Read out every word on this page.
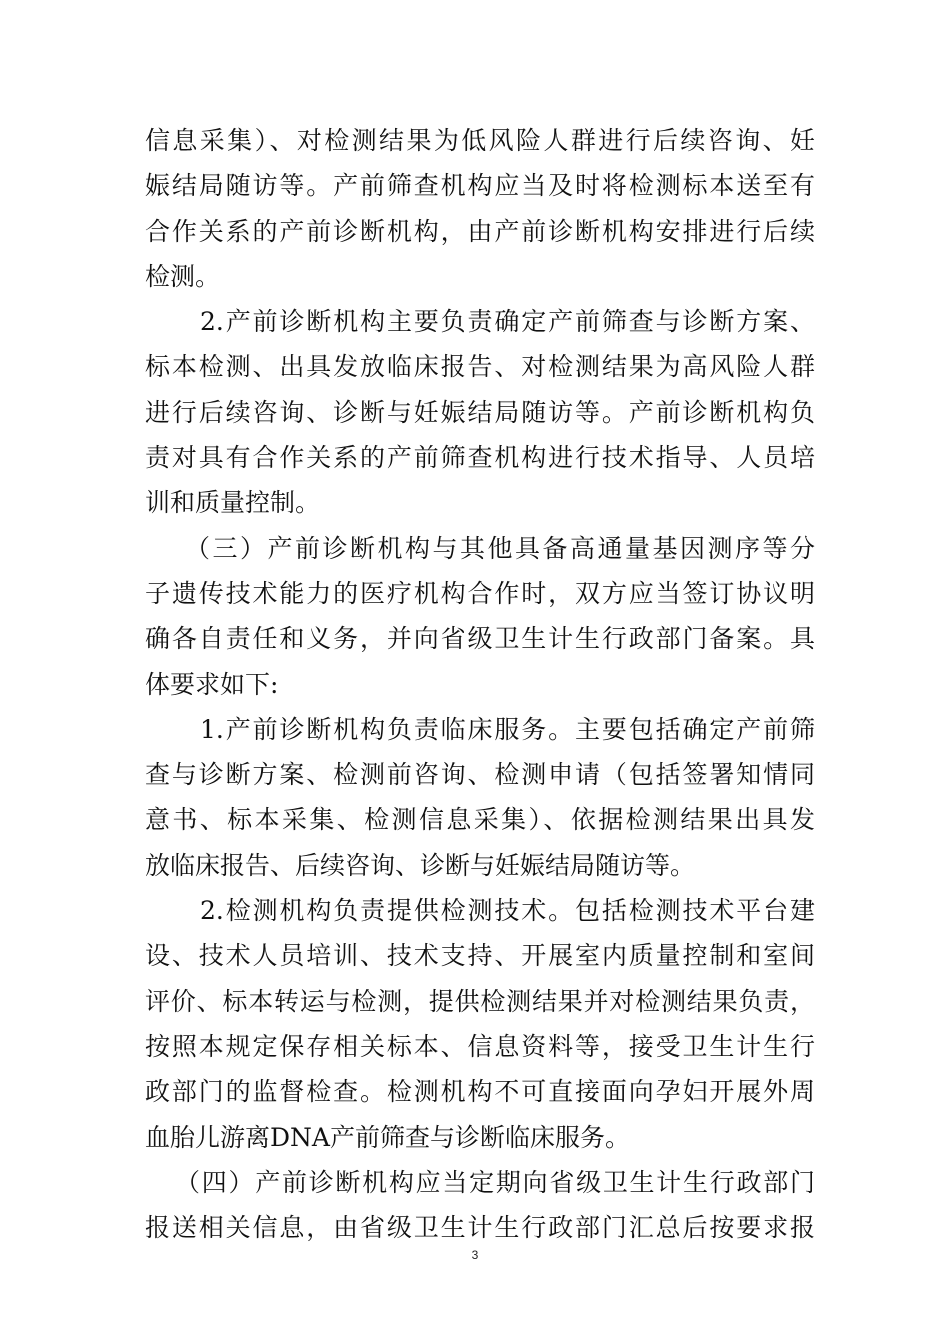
信息采集）、对检测结果为低风险人群进行后续咨询、妊
娠结局随访等。产前筛查机构应当及时将检测标本送至有
合作关系的产前诊断机构，由产前诊断机构安排进行后续
检测。
2.产前诊断机构主要负责确定产前筛查与诊断方案、
标本检测、出具发放临床报告、对检测结果为高风险人群
进行后续咨询、诊断与妊娠结局随访等。产前诊断机构负
责对具有合作关系的产前筛查机构进行技术指导、人员培
训和质量控制。
（三）产前诊断机构与其他具备高通量基因测序等分
子遗传技术能力的医疗机构合作时，双方应当签订协议明
确各自责任和义务，并向省级卫生计生行政部门备案。具
体要求如下:
1.产前诊断机构负责临床服务。主要包括确定产前筛
查与诊断方案、检测前咨询、检测申请（包括签署知情同
意书、标本采集、检测信息采集）、依据检测结果出具发
放临床报告、后续咨询、诊断与妊娠结局随访等。
2.检测机构负责提供检测技术。包括检测技术平台建
设、技术人员培训、技术支持、开展室内质量控制和室间
评价、标本转运与检测，提供检测结果并对检测结果负责，
按照本规定保存相关标本、信息资料等，接受卫生计生行
政部门的监督检查。检测机构不可直接面向孕妇开展外周
血胎儿游离DNA产前筛查与诊断临床服务。
（四）产前诊断机构应当定期向省级卫生计生行政部门
报送相关信息，由省级卫生计生行政部门汇总后按要求报
3
